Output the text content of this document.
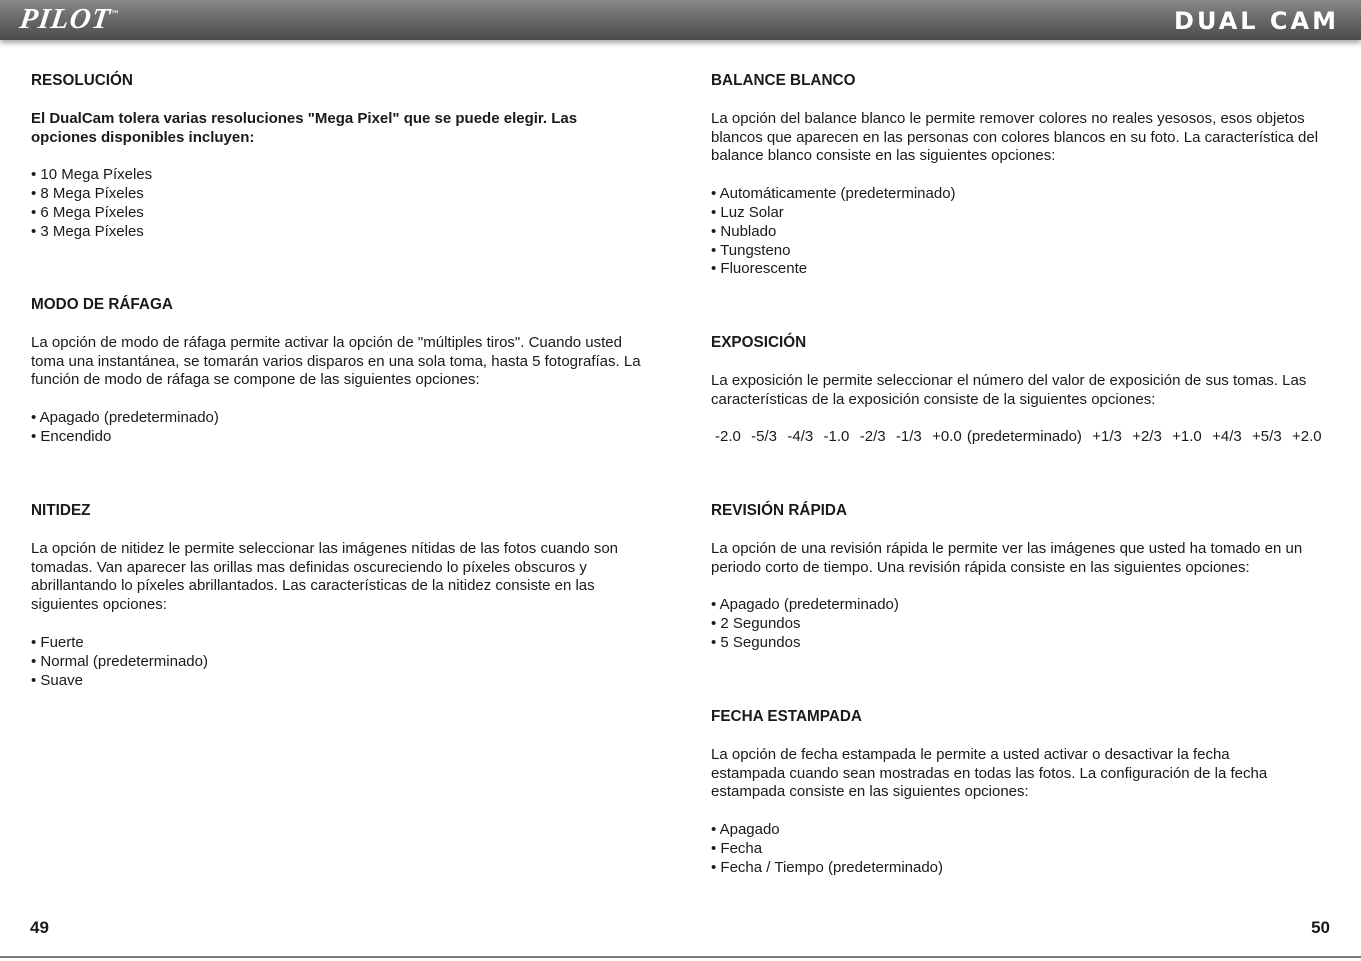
PILOT™	DUAL CAM
RESOLUCIÓN

El DualCam tolera varias resoluciones "Mega Pixel" que se puede elegir. Las opciones disponibles incluyen:

• 10 Mega Píxeles
• 8 Mega Píxeles
• 6 Mega Píxeles
• 3 Mega Píxeles
MODO DE RÁFAGA

La opción de modo de ráfaga permite activar la opción de "múltiples tiros". Cuando usted toma una instantánea, se tomarán varios disparos en una sola toma, hasta 5 fotografías. La función de modo de ráfaga se compone de las siguientes opciones:

• Apagado (predeterminado)
• Encendido
NITIDEZ

La opción de nitidez le permite seleccionar las imágenes nítidas de las fotos cuando son tomadas. Van aparecer las orillas mas definidas oscureciendo lo píxeles obscuros y abrillantando lo píxeles abrillantados. Las características de la nitidez consiste en las siguientes opciones:

• Fuerte
• Normal (predeterminado)
• Suave
BALANCE BLANCO

La opción del balance blanco le permite remover colores no reales yesosos, esos objetos blancos que aparecen en las personas con colores blancos en su foto. La característica del balance blanco consiste en las siguientes opciones:

• Automáticamente (predeterminado)
• Luz Solar
• Nublado
• Tungsteno
• Fluorescente
EXPOSICIÓN

La exposición le permite seleccionar el número del valor de exposición de sus tomas. Las características de la exposición consiste de la siguientes opciones:

-2.0  -5/3  -4/3  -1.0  -2/3  -1/3  +0.0 (predeterminado)  +1/3  +2/3  +1.0  +4/3  +5/3  +2.0
REVISIÓN RÁPIDA

La opción de una revisión rápida le permite ver las imágenes que usted ha tomado en un periodo corto de tiempo. Una revisión rápida consiste en las siguientes opciones:

• Apagado (predeterminado)
• 2 Segundos
• 5 Segundos
FECHA ESTAMPADA

La opción de fecha estampada le permite a usted activar o desactivar la fecha estampada cuando sean mostradas en todas las fotos. La configuración de la fecha estampada consiste en las siguientes opciones:

• Apagado
• Fecha
• Fecha / Tiempo (predeterminado)
49	50
